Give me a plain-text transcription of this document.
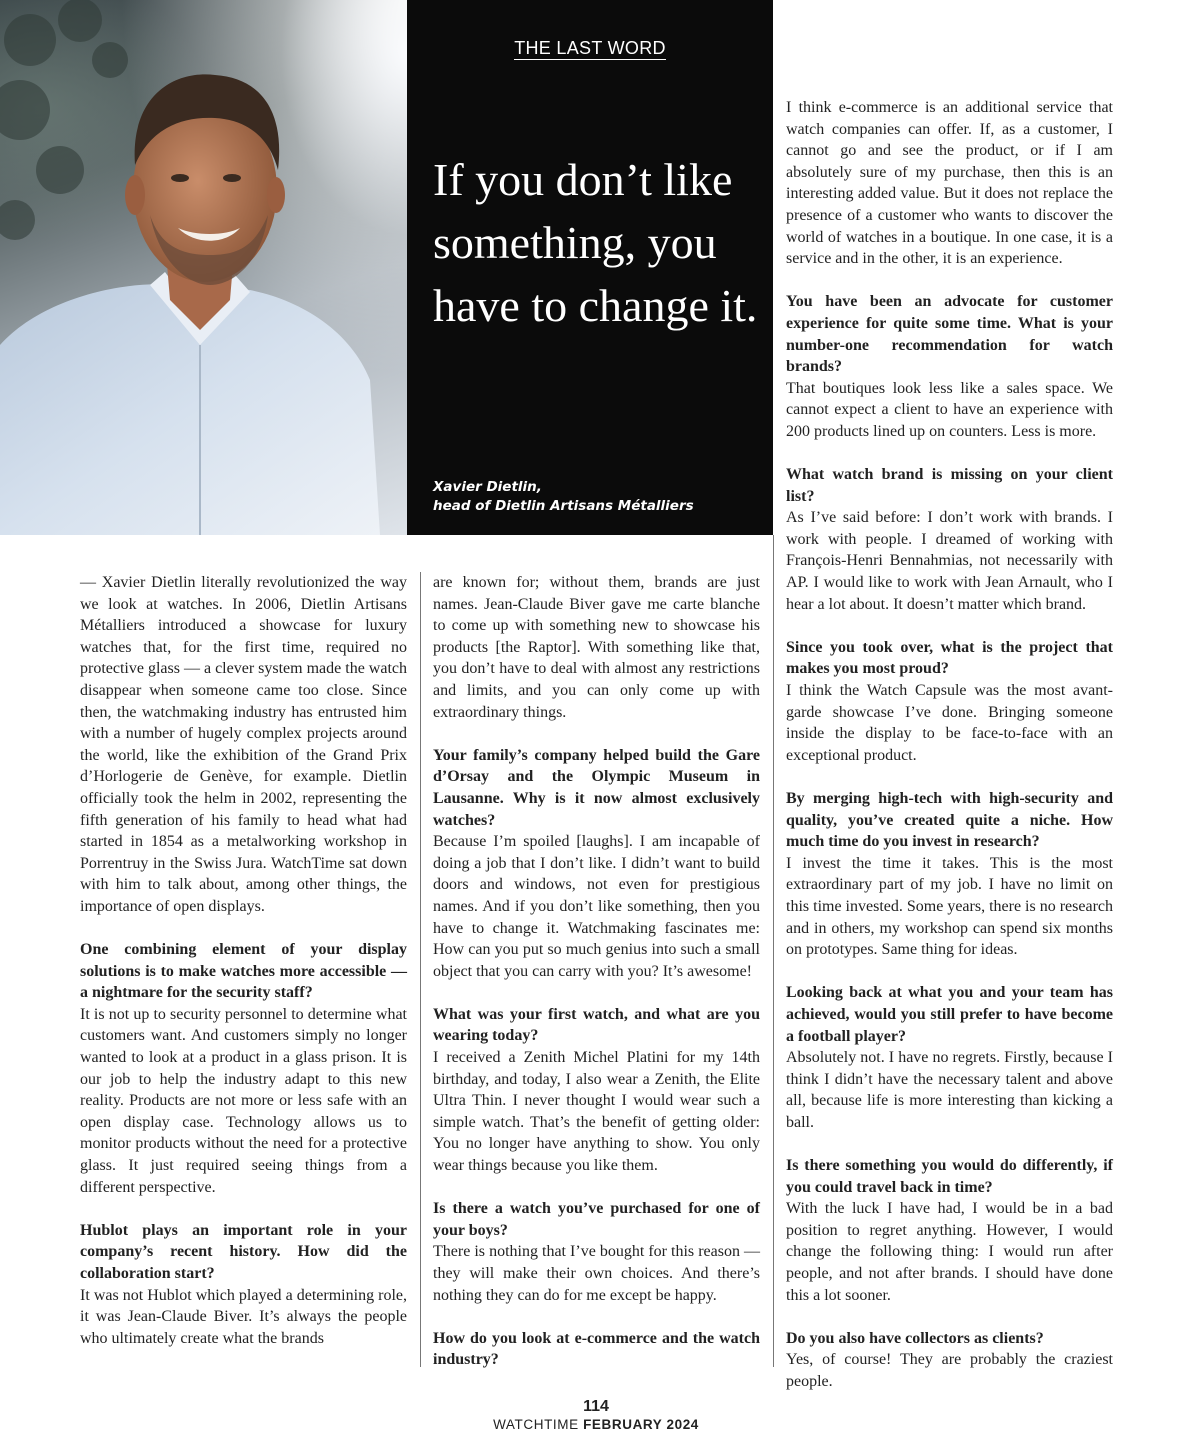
THE LAST WORD
If you don’t like something, you have to change it.
Xavier Dietlin,
head of Dietlin Artisans Métalliers

— Xavier Dietlin literally revolutionized the way we look at watches. In 2006, Dietlin Artisans Métalliers introduced a showcase for luxury watches that, for the first time, required no protective glass — a clever system made the watch disappear when someone came too close. Since then, the watchmaking industry has entrusted him with a number of hugely complex projects around the world, like the exhibition of the Grand Prix d’Horlogerie de Genève, for example. Dietlin officially took the helm in 2002, representing the fifth generation of his family to head what had started in 1854 as a metalworking workshop in Porrentruy in the Swiss Jura. WatchTime sat down with him to talk about, among other things, the importance of open displays.

One combining element of your display solutions is to make watches more accessible — a nightmare for the security staff?

It is not up to security personnel to determine what customers want. And customers simply no longer wanted to look at a product in a glass prison. It is our job to help the industry adapt to this new reality. Products are not more or less safe with an open display case. Technology allows us to monitor products without the need for a protective glass. It just required seeing things from a different perspective.

Hublot plays an important role in your company’s recent history. How did the collaboration start?

It was not Hublot which played a determining role, it was Jean-Claude Biver. It’s always the people who ultimately create what the brands

are known for; without them, brands are just names. Jean-Claude Biver gave me carte blanche to come up with something new to showcase his products [the Raptor]. With something like that, you don’t have to deal with almost any restrictions and limits, and you can only come up with extraordinary things.

Your family’s company helped build the Gare d’Orsay and the Olympic Museum in Lausanne. Why is it now almost exclusively watches?

Because I’m spoiled [laughs]. I am incapable of doing a job that I don’t like. I didn’t want to build doors and windows, not even for prestigious names. And if you don’t like something, then you have to change it. Watchmaking fascinates me: How can you put so much genius into such a small object that you can carry with you? It’s awesome!

What was your first watch, and what are you wearing today?

I received a Zenith Michel Platini for my 14th birthday, and today, I also wear a Zenith, the Elite Ultra Thin. I never thought I would wear such a simple watch. That’s the benefit of getting older: You no longer have anything to show. You only wear things because you like them.

Is there a watch you’ve purchased for one of your boys?

There is nothing that I’ve bought for this reason — they will make their own choices. And there’s nothing they can do for me except be happy.

How do you look at e-commerce and the watch industry?

I think e-commerce is an additional service that watch companies can offer. If, as a customer, I cannot go and see the product, or if I am absolutely sure of my purchase, then this is an interesting added value. But it does not replace the presence of a customer who wants to discover the world of watches in a boutique. In one case, it is a service and in the other, it is an experience.

You have been an advocate for customer experience for quite some time. What is your number-one recommendation for watch brands?

That boutiques look less like a sales space. We cannot expect a client to have an experience with 200 products lined up on counters. Less is more.

What watch brand is missing on your client list?

As I’ve said before: I don’t work with brands. I work with people. I dreamed of working with François-Henri Bennahmias, not necessarily with AP. I would like to work with Jean Arnault, who I hear a lot about. It doesn’t matter which brand.

Since you took over, what is the project that makes you most proud?

I think the Watch Capsule was the most avant-garde showcase I’ve done. Bringing someone inside the display to be face-to-face with an exceptional product.

By merging high-tech with high-security and quality, you’ve created quite a niche. How much time do you invest in research?

I invest the time it takes. This is the most extraordinary part of my job. I have no limit on this time invested. Some years, there is no research and in others, my workshop can spend six months on prototypes. Same thing for ideas.

Looking back at what you and your team has achieved, would you still prefer to have become a football player?

Absolutely not. I have no regrets. Firstly, because I think I didn’t have the necessary talent and above all, because life is more interesting than kicking a ball.

Is there something you would do differently, if you could travel back in time?

With the luck I have had, I would be in a bad position to regret anything. However, I would change the following thing: I would run after people, and not after brands. I should have done this a lot sooner.

Do you also have collectors as clients?

Yes, of course! They are probably the craziest people.

114
WATCHTIME FEBRUARY 2024
